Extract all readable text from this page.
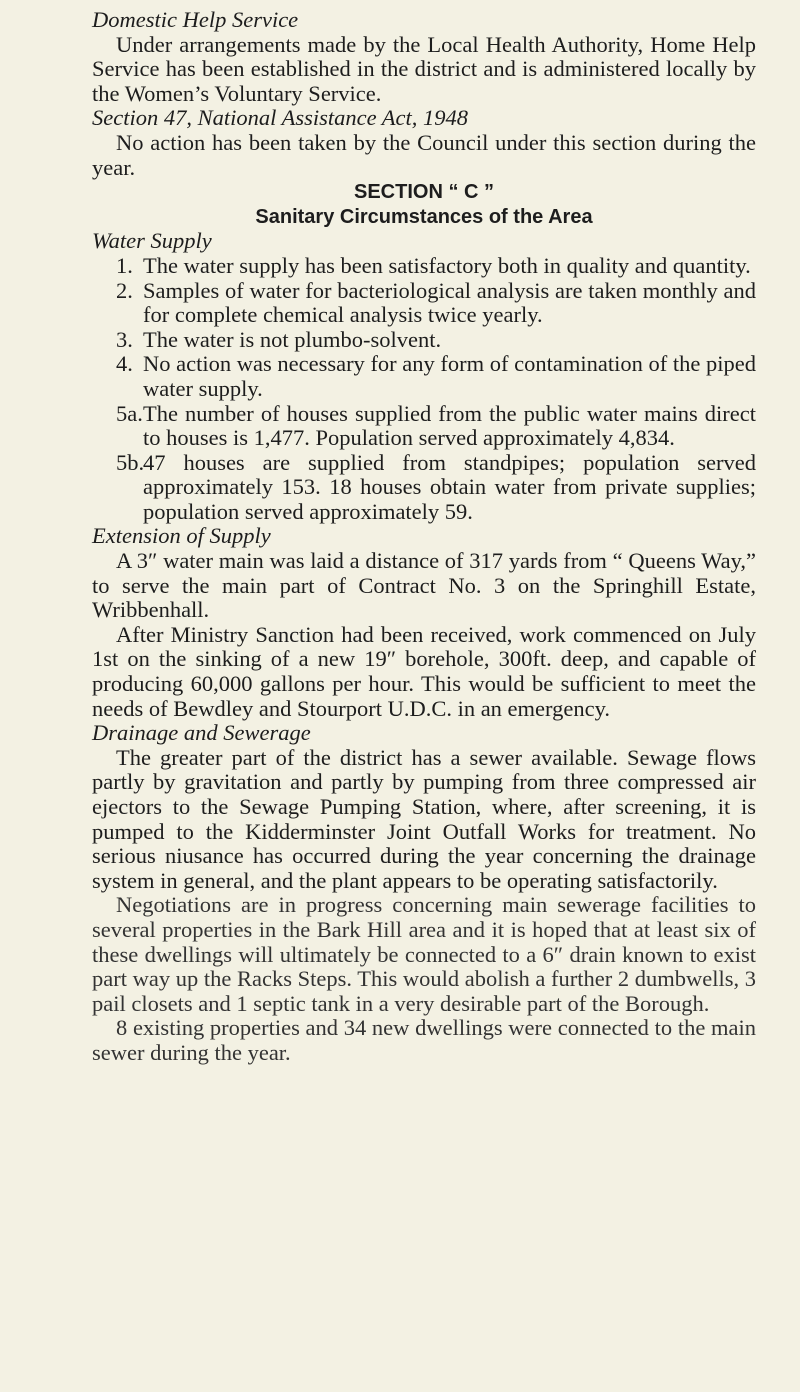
Domestic Help Service

Under arrangements made by the Local Health Authority, Home Help Service has been established in the district and is administered locally by the Women’s Voluntary Service.

Section 47, National Assistance Act, 1948

No action has been taken by the Council under this section during the year.

SECTION “ C ”
Sanitary Circumstances of the Area
Water Supply
1. The water supply has been satisfactory both in quality and quantity.
2. Samples of water for bacteriological analysis are taken monthly and for complete chemical analysis twice yearly.
3. The water is not plumbo-solvent.
4. No action was necessary for any form of contamination of the piped water supply.
5a. The number of houses supplied from the public water mains direct to houses is 1,477. Population served approximately 4,834.
5b.
47 houses are supplied from standpipes; population served approximately 153. 18 houses obtain water from private supplies; population served approximately 59.
Extension of Supply

A 3″ water main was laid a distance of 317 yards from “ Queens Way,” to serve the main part of Contract No. 3 on the Springhill Estate, Wribbenhall.

After Ministry Sanction had been received, work commenced on July 1st on the sinking of a new 19″ borehole, 300ft. deep, and capable of producing 60,000 gallons per hour. This would be sufficient to meet the needs of Bewdley and Stourport U.D.C. in an emergency.

Drainage and Sewerage

The greater part of the district has a sewer available. Sewage flows partly by gravitation and partly by pumping from three compressed air ejectors to the Sewage Pumping Station, where, after screening, it is pumped to the Kidderminster Joint Outfall Works for treatment. No serious niusance has occurred during the year concerning the drainage system in general, and the plant appears to be operating satisfactorily.

Negotiations are in progress concerning main sewerage facilities to several properties in the Bark Hill area and it is hoped that at least six of these dwellings will ultimately be connected to a 6″ drain known to exist part way up the Racks Steps. This would abolish a further 2 dumbwells, 3 pail closets and 1 septic tank in a very desirable part of the Borough.

8 existing properties and 34 new dwellings were connected to the main sewer during the year.
